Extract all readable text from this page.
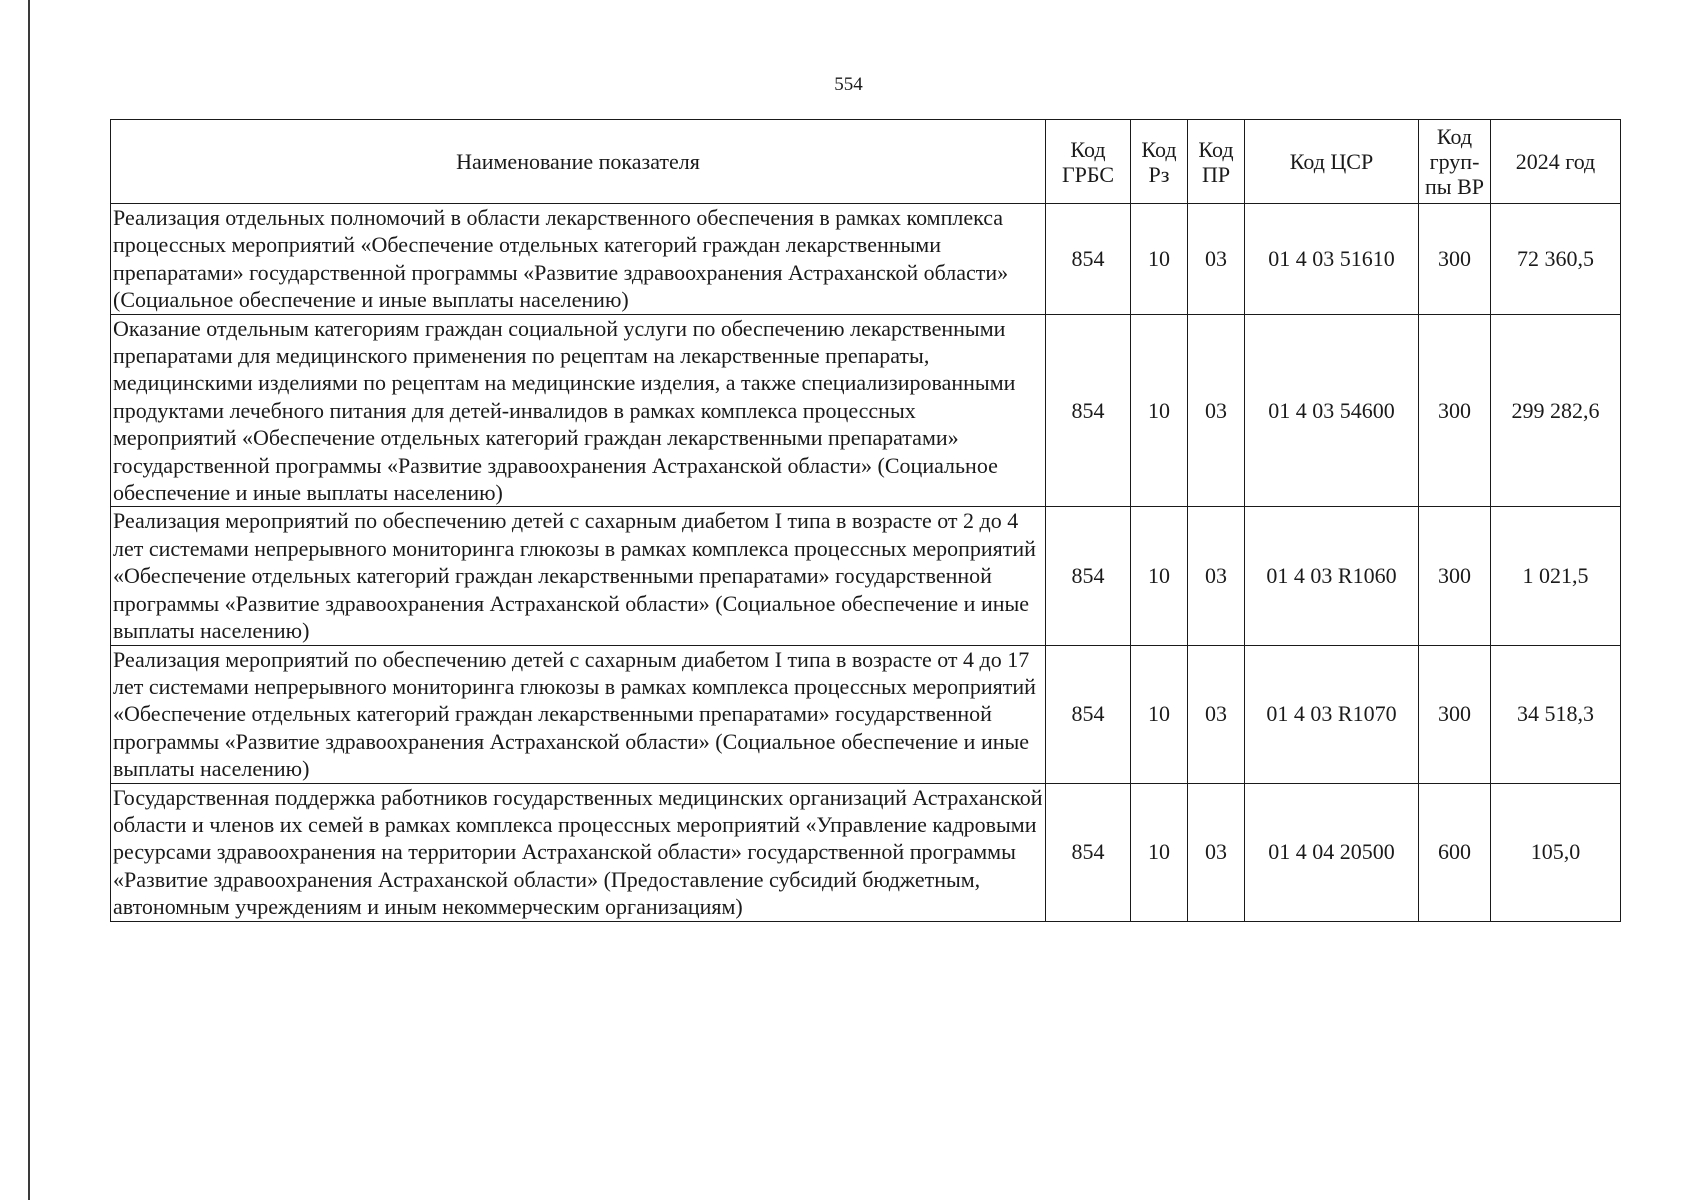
554
Наименование показателя	Код ГРБС	Код Рз	Код ПР	Код ЦСР	Код груп-пы ВР	2024 год
Реализация отдельных полномочий в области лекарственного обеспечения в рамках комплекса процессных мероприятий «Обеспечение отдельных категорий граждан лекарственными препаратами» государственной программы «Развитие здравоохранения Астраханской области» (Социальное обеспечение и иные выплаты населению)	854	10	03	01 4 03 51610	300	72 360,5
Оказание отдельным категориям граждан социальной услуги по обеспечению лекарственными препаратами для медицинского применения по рецептам на лекарственные препараты, медицинскими изделиями по рецептам на медицинские изделия, а также специализированными продуктами лечебного питания для детей-инвалидов в рамках комплекса процессных мероприятий «Обеспечение отдельных категорий граждан лекарственными препаратами» государственной программы «Развитие здравоохранения Астраханской области» (Социальное обеспечение и иные выплаты населению)	854	10	03	01 4 03 54600	300	299 282,6
Реализация мероприятий по обеспечению детей с сахарным диабетом I типа в возрасте от 2 до 4 лет системами непрерывного мониторинга глюкозы в рамках комплекса процессных мероприятий «Обеспечение отдельных категорий граждан лекарственными препаратами» государственной программы «Развитие здравоохранения Астраханской области» (Социальное обеспечение и иные выплаты населению)	854	10	03	01 4 03 R1060	300	1 021,5
Реализация мероприятий по обеспечению детей с сахарным диабетом I типа в возрасте от 4 до 17 лет системами непрерывного мониторинга глюкозы в рамках комплекса процессных мероприятий «Обеспечение отдельных категорий граждан лекарственными препаратами» государственной программы «Развитие здравоохранения Астраханской области» (Социальное обеспечение и иные выплаты населению)	854	10	03	01 4 03 R1070	300	34 518,3
Государственная поддержка работников государственных медицинских организаций Астраханской области и членов их семей в рамках комплекса процессных мероприятий «Управление кадровыми ресурсами здравоохранения на территории Астраханской области» государственной программы «Развитие здравоохранения Астраханской области» (Предоставление субсидий бюджетным, автономным учреждениям и иным некоммерческим организациям)	854	10	03	01 4 04 20500	600	105,0
